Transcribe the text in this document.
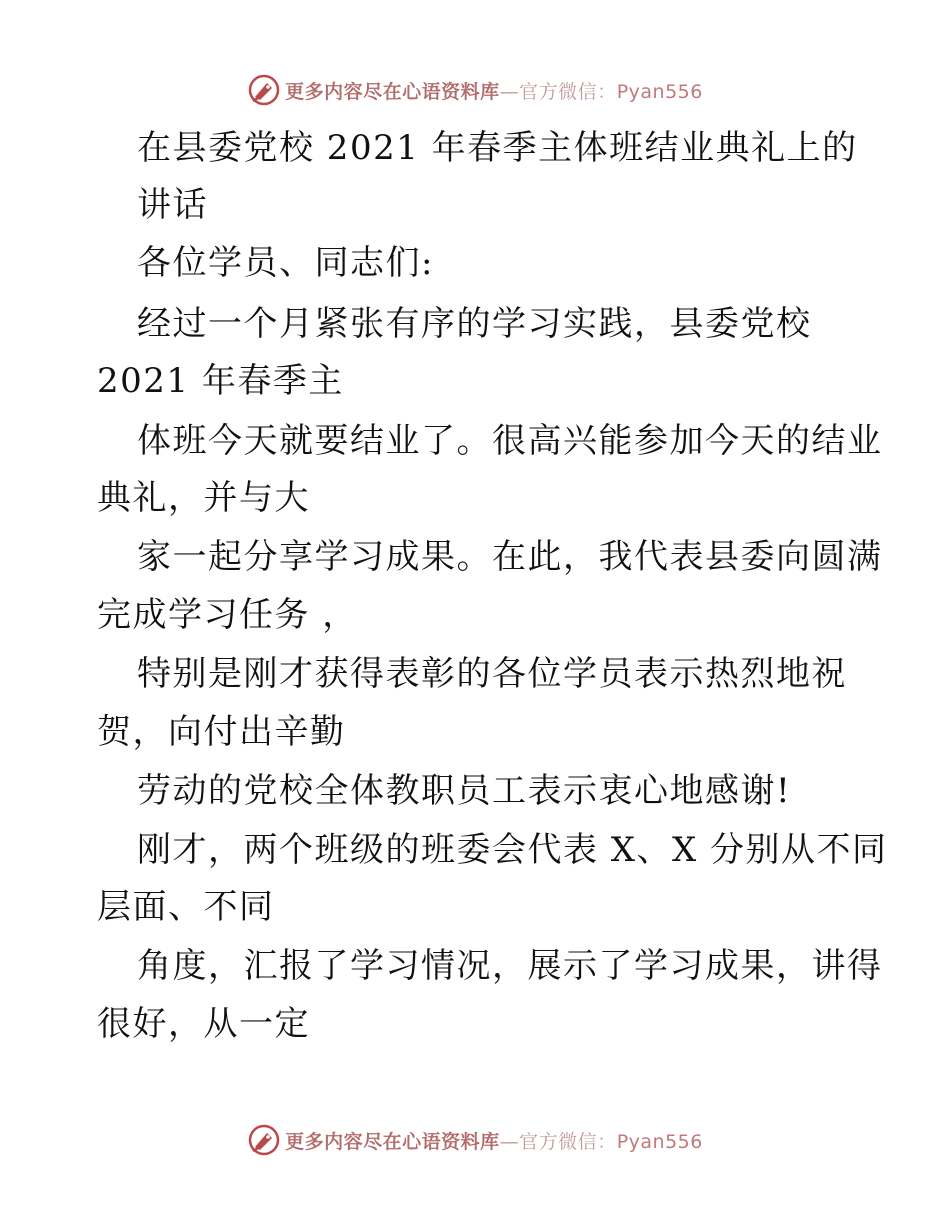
更多内容尽在心语资料库—官方微信：Pyan556
在县委党校 2021 年春季主体班结业典礼上的
讲话
各位学员、同志们:
经过一个月紧张有序的学习实践，县委党校
2021 年春季主
体班今天就要结业了。很高兴能参加今天的结业
典礼，并与大
家一起分享学习成果。在此，我代表县委向圆满
完成学习任务 ，
特别是刚才获得表彰的各位学员表示热烈地祝
贺，向付出辛勤
劳动的党校全体教职员工表示衷心地感谢!
刚才，两个班级的班委会代表 X、X 分别从不同
层面、不同
角度，汇报了学习情况，展示了学习成果，讲得
很好，从一定
更多内容尽在心语资料库—官方微信：Pyan556
